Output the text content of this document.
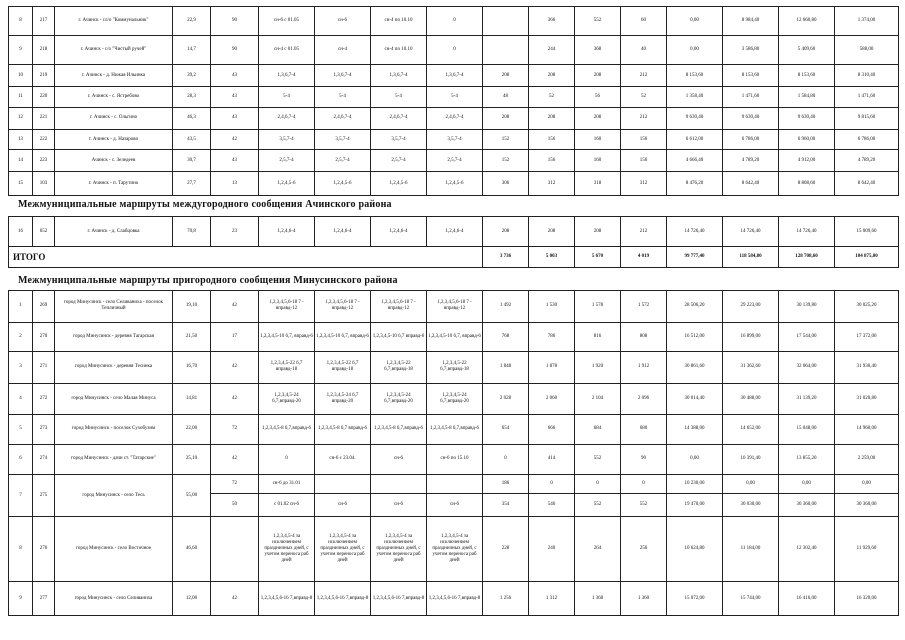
8	217	г. Ачинск - сл/о "Коммунальник"	22,9	90	сн-6 с 01.05	сн-6	сн-4 по 10.10	0		366	552	60	0,00	8 984,40	12 660,80	1 374,00
9	218	г. Ачинск - с/о "Чистый ручей"	14,7	90	сн-4 с 01.05	сн-4	сн-4 по 10.10	0		244	368	40	0,00	3 586,80	5 409,60	588,00
10	219	г. Ачинск - д. Нижая Ильинка	39,2	43	1,3,6,7-4	1,3,6,7-4	1,3,6,7-4	1,3,6,7-4	208	208	208	212	8 153,60	8 153,60	8 153,60	8 310,40
11	220	г. Ачинск - с. Ястребово	28,3	43	5-4	5-4	5-4	5-4	48	52	56	52	1 358,40	1 471,60	1 584,80	1 471,60
12	221	г. Ачинск - с. Ольгино	46,3	43	2,4,6,7-4	2,4,6,7-4	2,4,6,7-4	2,4,6,7-4	208	208	208	212	9 630,40	9 630,40	9 630,40	9 815,60
13	222	г. Ачинск - д. Назарово	43,5	42	3,5,7-4	3,5,7-4	3,5,7-4	3,5,7-4	152	156	160	156	6 612,00	6 786,00	6 960,00	6 786,00
14	223	Ачинск - с. Зеледеев	30,7	43	2,5,7-4	2,5,7-4	2,5,7-4	2,5,7-4	152	156	160	156	4 666,40	4 789,20	4 912,00	4 789,20
15	103	г. Ачинск - п. Тарутино	27,7	13	1,2,4,5-6	1,2,4,5-6	1,2,4,5-6	1,2,4,5-6	306	312	318	312	8 476,20	8 642,40	8 808,60	8 642,40
Межмуниципальные маршруты междугородного сообщения Ачинского района
16	652	г. Ачинск - д. Слабцовка	70,8	23	1,2,4,6-4	1,2,4,6-4	1,2,4,6-4	1,2,4,6-4	208	208	208	212	14 726,40	14 726,40	14 726,40	15 009,60
ИТОГО									3 736	5 003	5 670	4 019	99 777,40	118 584,80	128 708,60	104 875,00
Межмуниципальные маршруты пригородного сообщения Минусинского района
1	269	город Минусинск - село Селиваниха - поселок Тепличный	19,10	42	1,2,3,4,5,6-18 7 - вправд-12	1,2,3,4,5,6-18 7 - вправд-12	1,2,3,4,5,6-18 7 - вправд-12	1,2,3,4,5,6-18 7 - вправд-12	1 492	1 530	1 578	1 572	28 506,20	29 223,00	30 139,80	30 025,20
2	270	город Минусинск - деревня Тагарская	21,50	17	1,2,3,4,5-10 6,7, вправд-6	1,2,3,4,5-10 6,7, вправд-6	1,2,3,4,5-10 6,7 вправд-6	1,2,3,4,5-10 6,7, вправд-6	768	786	816	808	16 512,00	16 899,00	17 544,00	17 372,00
3	271	город Минусинск - деревня Тесинка	16,70	42	1,2,3,4,5-22 6,7 вправд-18	1,2,3,4,5-22 6,7 вправд-18	1,2,3,4,5-22 6,7,вправд-18	1,2,3,4,5-22 6,7,вправд-18	1 848	1 878	1 920	1 912	30 861,60	31 362,60	32 064,00	31 930,40
4	272	город Минусинск - село Малая Минуса	14,81	42	1,2,3,4,5-24 6,7,вправд-20	1,2,3,4,5-24 6,7 вправд-20	1,2,3,4,5-24 6,7,вправд-20	1,2,3,4,5-24 6,7,вправд-20	2 028	2 060	2 104	2 096	30 014,40	30 488,00	31 139,20	31 020,80
5	273	город Минусинск - поселок Сухобузим	22,00	72	1,2,3,4,5-8 6,7,вправд-6	1,2,3,4,5-8 6,7 вправд-6	1,2,3,4,5-8 6,7,вправд-6	1,2,3,4,5-8 6,7,вправд-6	654	666	684	680	14 388,00	14 652,00	15 048,00	14 960,00
6	274	город Минусинск - дачи ст. "Татарские"	25,10	42	0	сн-6 с 23.04.	сн-6	сн-6 по 15.10	0	414	552	90	0,00	10 391,40	13 855,20	2 259,00
7	275	город Минусинск - село Тесь	55,00	72	сн-6 до 31.01				186	0	0	0	10 230,00	0,00	0,00	0,00
				50	с 01.02 сн-6	сн-6	сн-6	сн-6	354	546	552	552	19 470,00	30 030,00	30 360,00	30 360,00
8	276	город Минусинск - село Восточное	46,60		1,2,3,4,5-4 за исключением праздничных дней, с учетом переноса раб дней	1,2,3,4,5-4 за исключением праздничных дней, с учетом переноса раб дней	1,2,3,4,5-4 за исключением праздничных дней, с учетом переноса раб дней	1,2,3,4,5-4 за исключением праздничных дней, с учетом переноса раб дней	228	240	264	256	10 624,80	11 184,00	12 302,40	11 929,60
9	277	город Минусинск - село Селиваниха	12,00	42	1,2,3,4,5,6-16 7,вправд-8	1,2,3,4,5,6-16 7,вправд-8	1,2,3,4,5,6-16 7,вправд-8	1,2,3,4,5,6-16 7,вправд-8	1 256	1 312	1 368	1 360	15 072,00	15 744,00	16 416,00	16 320,00
